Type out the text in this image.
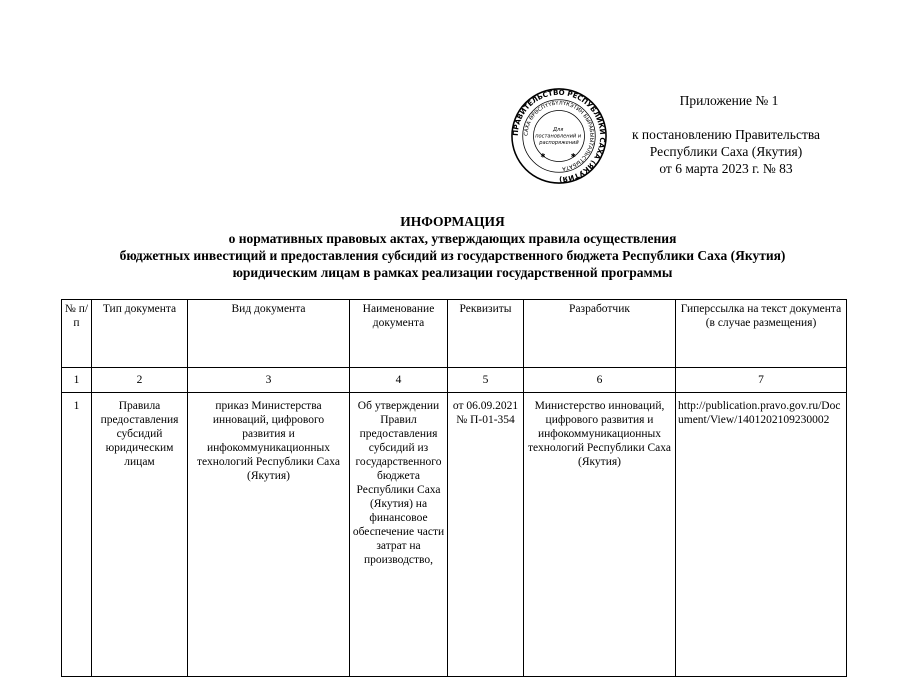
ПРАВИТЕЛЬСТВО РЕСПУБЛИКИ САХА (ЯКУТИЯ)
САХА ӨРӨСПҮҮБҮЛҮКЭТИН БЫРАБЫЫТАЛЬСТЫБАТА
Для постановлений и распоряжений
✱	✱
Приложение № 1
к постановлению Правительства
Республики Саха (Якутия)
от 6 марта 2023 г. № 83
ИНФОРМАЦИЯ
о нормативных правовых актах, утверждающих правила осуществления
бюджетных инвестиций и предоставления субсидий из государственного бюджета Республики Саха (Якутия)
юридическим лицам в рамках реализации государственной программы
№ п/п	Тип документа	Вид документа	Наименование документа	Реквизиты	Разработчик	Гиперссылка на текст документа (в случае размещения)
1	2	3	4	5	6	7
1	Правила предоставления субсидий юридическим лицам	приказ Министерства инноваций, цифрового развития и инфокоммуникационных технологий Республики Саха (Якутия)	Об утверждении Правил предоставления субсидий из государственного бюджета Республики Саха (Якутия) на финансовое обеспечение части затрат на производство,	от 06.09.2021 № П-01-354	Министерство инноваций, цифрового развития и инфокоммуникационных технологий Республики Саха (Якутия)	http://publication.pravo.gov.ru/Document/View/1401202109230002
